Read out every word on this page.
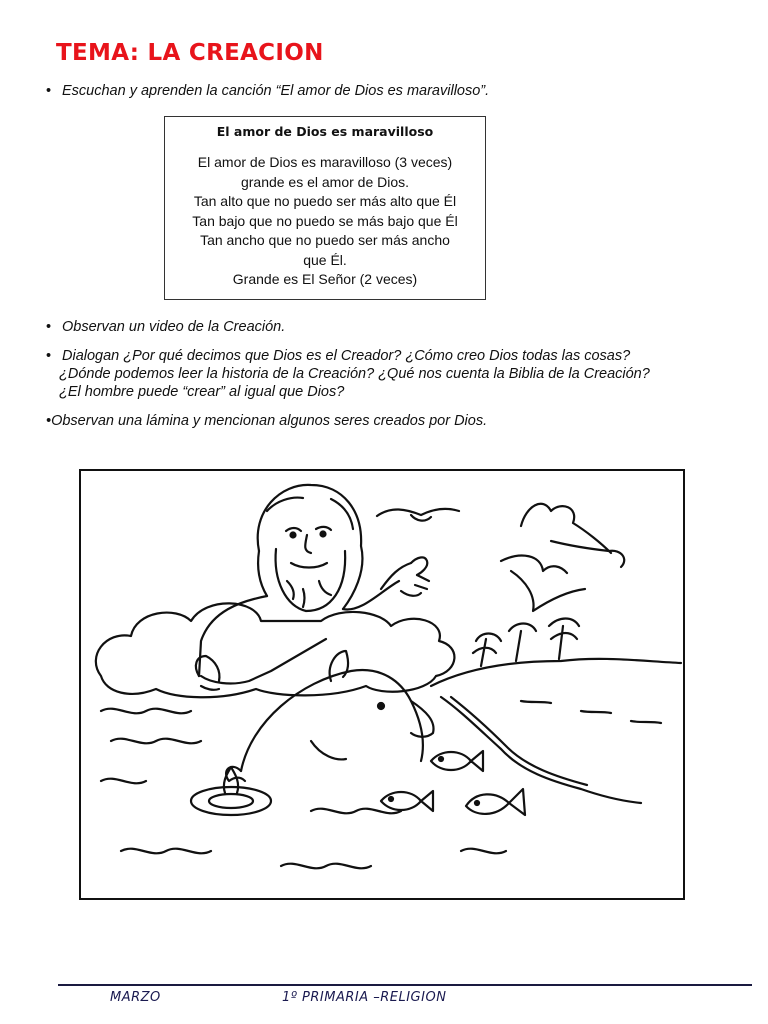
TEMA: LA CREACION
• Escuchan y aprenden la canción “El amor de Dios es maravilloso”.
El amor de Dios es maravilloso
El amor de Dios es maravilloso (3 veces)
grande es el amor de Dios.
Tan alto que no puedo ser más alto que Él
Tan bajo que no puedo se más bajo que Él
Tan ancho que no puedo ser más ancho
que Él.
Grande es El Señor (2 veces)
• Observan un video de la Creación.
• Dialogan ¿Por qué decimos que Dios es el Creador? ¿Cómo creo Dios todas las cosas?
¿Dónde podemos leer la historia de la Creación? ¿Qué nos cuenta la Biblia de la Creación?
¿El hombre puede “crear” al igual que Dios?
•Observan una lámina y mencionan algunos seres creados por Dios.
MARZO	1º PRIMARIA –RELIGION
